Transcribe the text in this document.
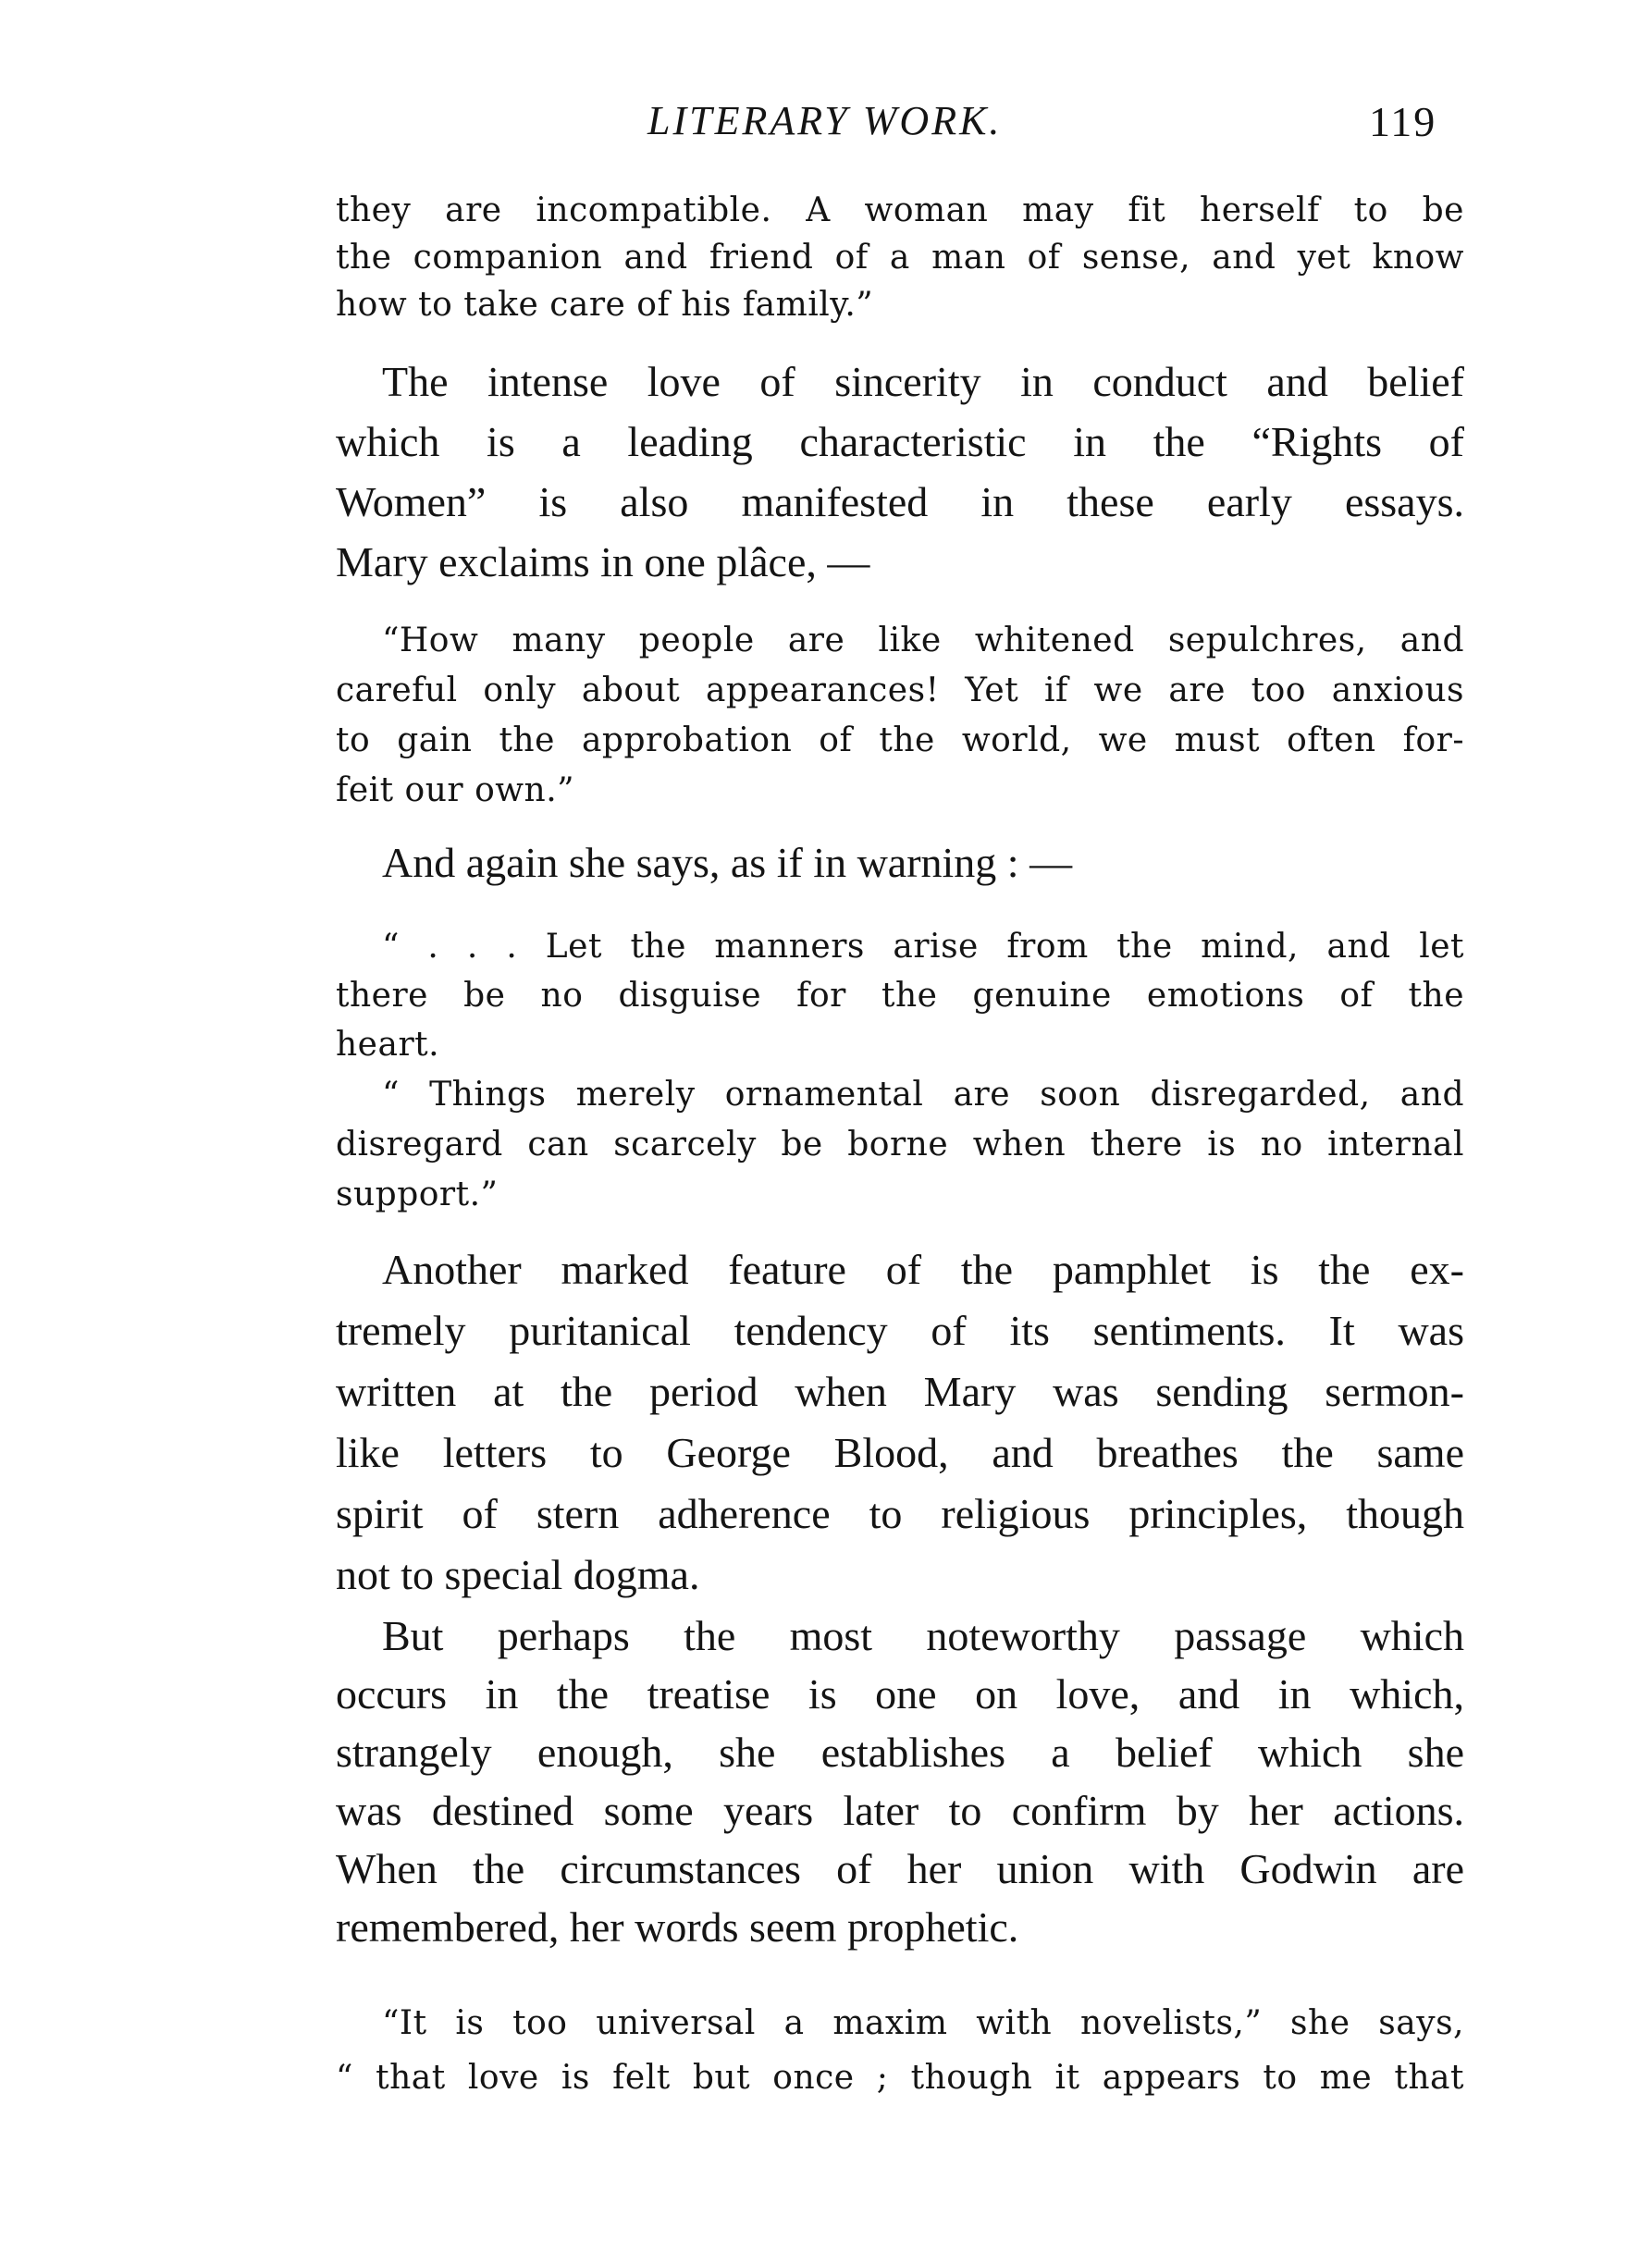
LITERARY WORK.	119
they are incompatible. A woman may fit herself to be
the companion and friend of a man of sense, and yet know
how to take care of his family.”
The intense love of sincerity in conduct and belief
which is a leading characteristic in the “Rights of
Women” is also manifested in these early essays.
Mary exclaims in one plâce, —
“How many people are like whitened sepulchres, and
careful only about appearances! Yet if we are too anxious
to gain the approbation of the world, we must often for-
feit our own.”
And again she says, as if in warning : —
“ . . . Let the manners arise from the mind, and let
there be no disguise for the genuine emotions of the
heart.
“ Things merely ornamental are soon disregarded, and
disregard can scarcely be borne when there is no internal
support.”
Another marked feature of the pamphlet is the ex-
tremely puritanical tendency of its sentiments. It was
written at the period when Mary was sending sermon-
like letters to George Blood, and breathes the same
spirit of stern adherence to religious principles, though
not to special dogma.
But perhaps the most noteworthy passage which
occurs in the treatise is one on love, and in which,
strangely enough, she establishes a belief which she
was destined some years later to confirm by her actions.
When the circumstances of her union with Godwin are
remembered, her words seem prophetic.
“It is too universal a maxim with novelists,” she says,
“ that love is felt but once ; though it appears to me that
